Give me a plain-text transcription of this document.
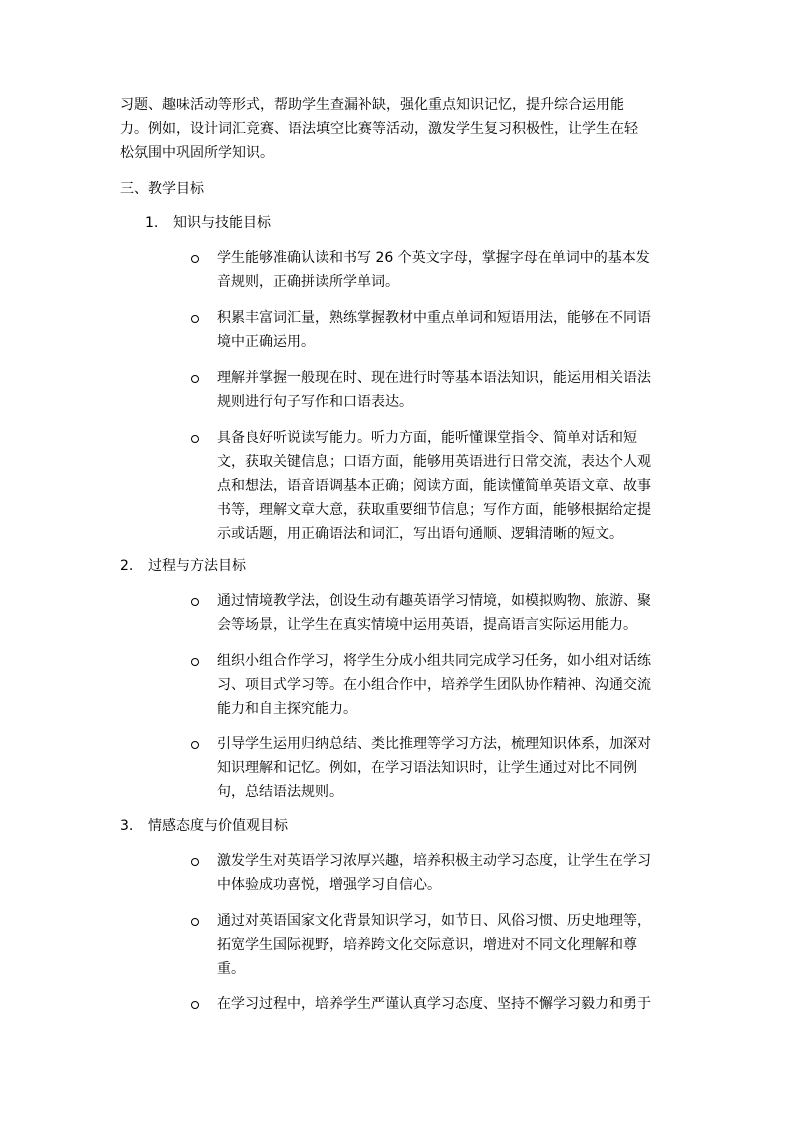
习题、趣味活动等形式，帮助学生查漏补缺，强化重点知识记忆，提升综合运用能
力。例如，设计词汇竞赛、语法填空比赛等活动，激发学生复习积极性，让学生在轻
松氛围中巩固所学知识。
三、教学目标
1. 知识与技能目标
学生能够准确认读和书写 26 个英文字母，掌握字母在单词中的基本发
音规则，正确拼读所学单词。
积累丰富词汇量，熟练掌握教材中重点单词和短语用法，能够在不同语
境中正确运用。
理解并掌握一般现在时、现在进行时等基本语法知识，能运用相关语法
规则进行句子写作和口语表达。
具备良好听说读写能力。听力方面，能听懂课堂指令、简单对话和短
文，获取关键信息；口语方面，能够用英语进行日常交流，表达个人观
点和想法，语音语调基本正确；阅读方面，能读懂简单英语文章、故事
书等，理解文章大意，获取重要细节信息；写作方面，能够根据给定提
示或话题，用正确语法和词汇，写出语句通顺、逻辑清晰的短文。
2. 过程与方法目标
通过情境教学法，创设生动有趣英语学习情境，如模拟购物、旅游、聚
会等场景，让学生在真实情境中运用英语，提高语言实际运用能力。
组织小组合作学习，将学生分成小组共同完成学习任务，如小组对话练
习、项目式学习等。在小组合作中，培养学生团队协作精神、沟通交流
能力和自主探究能力。
引导学生运用归纳总结、类比推理等学习方法，梳理知识体系，加深对
知识理解和记忆。例如，在学习语法知识时，让学生通过对比不同例
句，总结语法规则。
3. 情感态度与价值观目标
激发学生对英语学习浓厚兴趣，培养积极主动学习态度，让学生在学习
中体验成功喜悦，增强学习自信心。
通过对英语国家文化背景知识学习，如节日、风俗习惯、历史地理等，
拓宽学生国际视野，培养跨文化交际意识，增进对不同文化理解和尊
重。
在学习过程中，培养学生严谨认真学习态度、坚持不懈学习毅力和勇于
